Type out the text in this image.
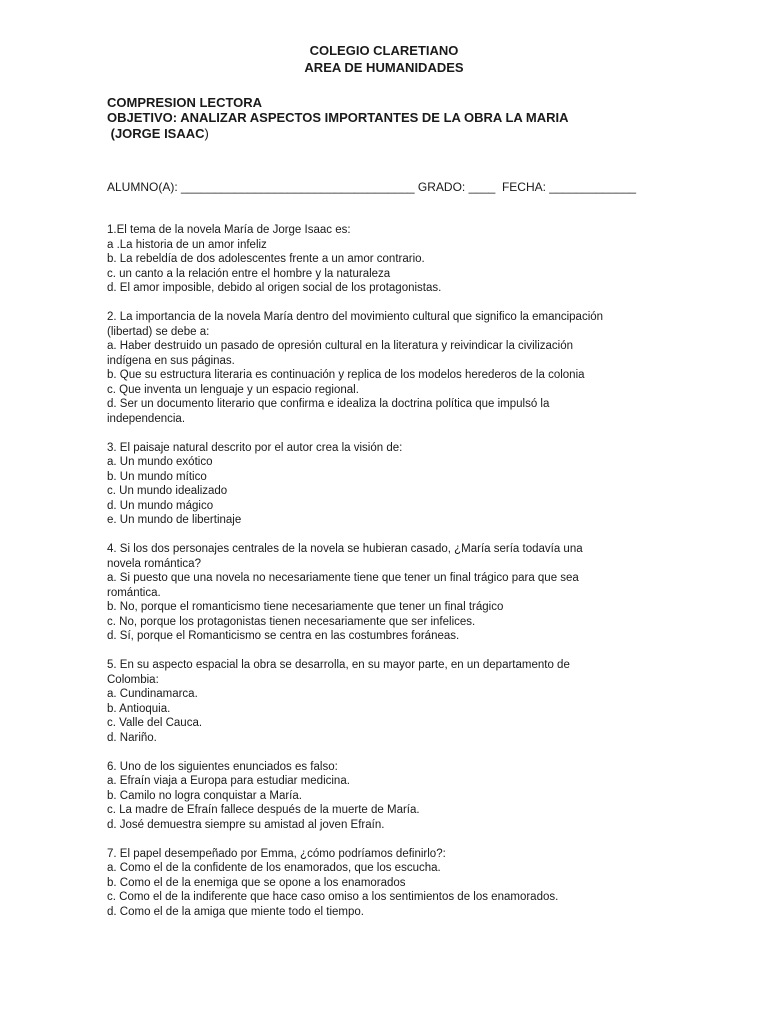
COLEGIO CLARETIANO
AREA DE HUMANIDADES
COMPRESION LECTORA
OBJETIVO: ANALIZAR ASPECTOS IMPORTANTES DE LA OBRA LA MARIA
(JORGE ISAAC)
ALUMNO(A): ___________________________________ GRADO: ____  FECHA: _____________
1.El tema de la novela María de Jorge Isaac es:
a .La historia de un amor infeliz
b. La rebeldía de dos adolescentes frente a un amor contrario.
c. un canto a la relación entre el hombre y la naturaleza
d. El amor imposible, debido al origen social de los protagonistas.
2. La importancia de la novela María dentro del movimiento cultural que significo la emancipación
(libertad) se debe a:
a. Haber destruido un pasado de opresión cultural en la literatura y reivindicar la civilización
indígena en sus páginas.
b. Que su estructura literaria es continuación y replica de los modelos herederos de la colonia
c. Que inventa un lenguaje y un espacio regional.
d. Ser un documento literario que confirma e idealiza la doctrina política que impulsó la
independencia.
3. El paisaje natural descrito por el autor crea la visión de:
a. Un mundo exótico
b. Un mundo mítico
c. Un mundo idealizado
d. Un mundo mágico
e. Un mundo de libertinaje
4. Si los dos personajes centrales de la novela se hubieran casado, ¿María sería todavía una
novela romántica?
a. Si puesto que una novela no necesariamente tiene que tener un final trágico para que sea
romántica.
b. No, porque el romanticismo tiene necesariamente que tener un final trágico
c. No, porque los protagonistas tienen necesariamente que ser infelices.
d. Sí, porque el Romanticismo se centra en las costumbres foráneas.
5. En su aspecto espacial la obra se desarrolla, en su mayor parte, en un departamento de
Colombia:
a. Cundinamarca.
b. Antioquia.
c. Valle del Cauca.
d. Nariño.
6. Uno de los siguientes enunciados es falso:
a. Efraín viaja a Europa para estudiar medicina.
b. Camilo no logra conquistar a María.
c. La madre de Efraín fallece después de la muerte de María.
d. José demuestra siempre su amistad al joven Efraín.
7. El papel desempeñado por Emma, ¿cómo podríamos definirlo?:
a. Como el de la confidente de los enamorados, que los escucha.
b. Como el de la enemiga que se opone a los enamorados
c. Como el de la indiferente que hace caso omiso a los sentimientos de los enamorados.
d. Como el de la amiga que miente todo el tiempo.
